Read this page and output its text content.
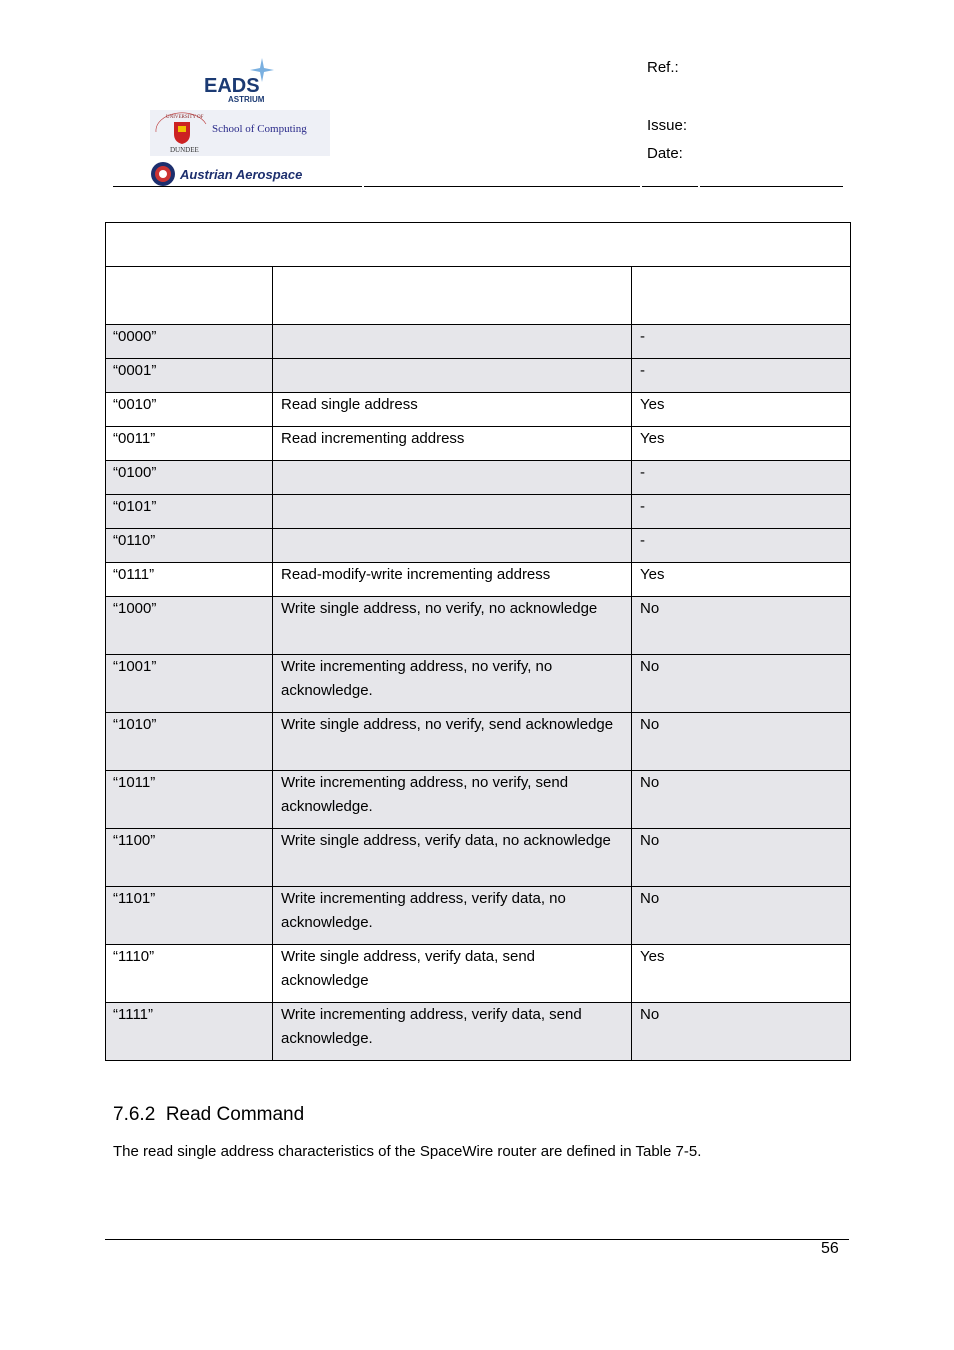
EADS
ASTRIUM
UNIVERSITY OF
DUNDEE
School of Computing
Austrian Aerospace
Ref.:
Issue:
Date:

“0000”		-
“0001”		-
“0010”	Read single address	Yes
“0011”	Read incrementing address	Yes
“0100”		-
“0101”		-
“0110”		-
“0111”	Read-modify-write incrementing address	Yes
“1000”	Write single address, no verify, no acknowledge	No
“1001”	Write incrementing address, no verify, no acknowledge.	No
“1010”	Write single address, no verify, send acknowledge	No
“1011”	Write incrementing address, no verify, send acknowledge.	No
“1100”	Write single address, verify data, no acknowledge	No
“1101”	Write incrementing address, verify data, no acknowledge.	No
“1110”	Write single address, verify data, send acknowledge	Yes
“1111”	Write incrementing address, verify data, send acknowledge.	No
7.6.2 Read Command
The read single address characteristics of the SpaceWire router are defined in Table 7-5.
56
